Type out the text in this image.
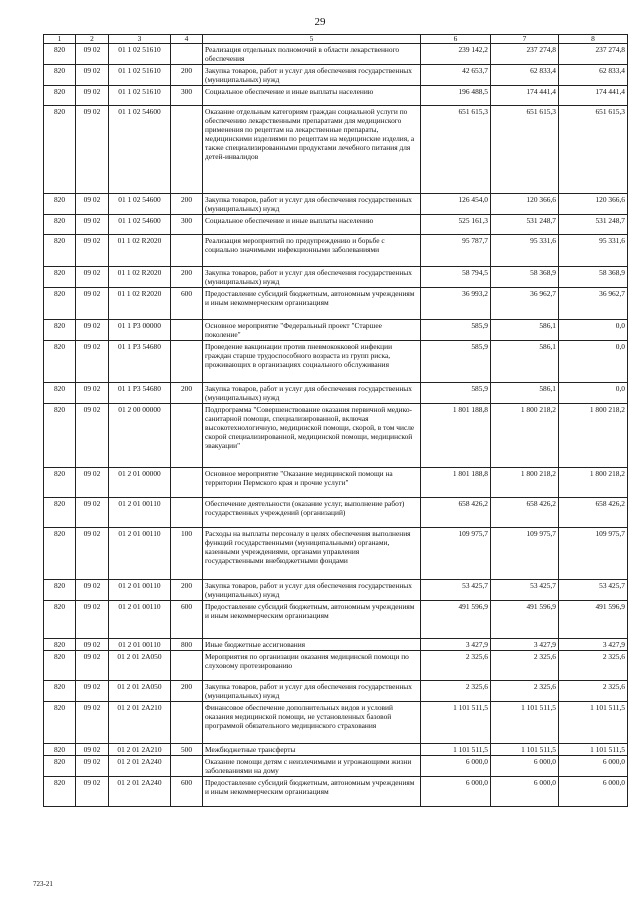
29
1	2	3	4	5	6	7	8
820	09 02	01 1 02 51610		Реализация отдельных полномочий в области лекарственного обеспечения	239 142,2	237 274,8	237 274,8
820	09 02	01 1 02 51610	200	Закупка товаров, работ и услуг для обеспечения государственных (муниципальных) нужд	42 653,7	62 833,4	62 833,4
820	09 02	01 1 02 51610	300	Социальное обеспечение и иные выплаты населению	196 488,5	174 441,4	174 441,4
820	09 02	01 1 02 54600		Оказание отдельным категориям граждан социальной услуги по обеспечению лекарственными препаратами для медицинского применения по рецептам на лекарственные препараты, медицинскими изделиями по рецептам на медицинские изделия, а также специализированными продуктами лечебного питания для детей-инвалидов	651 615,3	651 615,3	651 615,3
820	09 02	01 1 02 54600	200	Закупка товаров, работ и услуг для обеспечения государственных (муниципальных) нужд	126 454,0	120 366,6	120 366,6
820	09 02	01 1 02 54600	300	Социальное обеспечение и иные выплаты населению	525 161,3	531 248,7	531 248,7
820	09 02	01 1 02 R2020		Реализация мероприятий по предупреждению и борьбе с социально значимыми инфекционными заболеваниями	95 787,7	95 331,6	95 331,6
820	09 02	01 1 02 R2020	200	Закупка товаров, работ и услуг для обеспечения государственных (муниципальных) нужд	58 794,5	58 368,9	58 368,9
820	09 02	01 1 02 R2020	600	Предоставление субсидий бюджетным, автономным учреждениям и иным некоммерческим организациям	36 993,2	36 962,7	36 962,7
820	09 02	01 1 P3 00000		Основное мероприятие "Федеральный проект "Старшее поколение"	585,9	586,1	0,0
820	09 02	01 1 P3 54680		Проведение вакцинации против пневмококковой инфекции граждан старше трудоспособного возраста из групп риска, проживающих в организациях социального обслуживания	585,9	586,1	0,0
820	09 02	01 1 P3 54680	200	Закупка товаров, работ и услуг для обеспечения государственных (муниципальных) нужд	585,9	586,1	0,0
820	09 02	01 2 00 00000		Подпрограмма "Совершенствование оказания первичной медико-санитарной помощи, специализированной, включая высокотехнологичную, медицинской помощи, скорой, в том числе скорой специализированной, медицинской помощи, медицинской эвакуации"	1 801 188,8	1 800 218,2	1 800 218,2
820	09 02	01 2 01 00000		Основное мероприятие "Оказание медицинской помощи на территории Пермского края и прочие услуги"	1 801 188,8	1 800 218,2	1 800 218,2
820	09 02	01 2 01 00110		Обеспечение деятельности (оказание услуг, выполнение работ) государственных учреждений (организаций)	658 426,2	658 426,2	658 426,2
820	09 02	01 2 01 00110	100	Расходы на выплаты персоналу в целях обеспечения выполнения функций государственными (муниципальными) органами, казенными учреждениями, органами управления государственными внебюджетными фондами	109 975,7	109 975,7	109 975,7
820	09 02	01 2 01 00110	200	Закупка товаров, работ и услуг для обеспечения государственных (муниципальных) нужд	53 425,7	53 425,7	53 425,7
820	09 02	01 2 01 00110	600	Предоставление субсидий бюджетным, автономным учреждениям и иным некоммерческим организациям	491 596,9	491 596,9	491 596,9
820	09 02	01 2 01 00110	800	Иные бюджетные ассигнования	3 427,9	3 427,9	3 427,9
820	09 02	01 2 01 2А050		Мероприятия по организации оказания медицинской помощи по слуховому протезированию	2 325,6	2 325,6	2 325,6
820	09 02	01 2 01 2А050	200	Закупка товаров, работ и услуг для обеспечения государственных (муниципальных) нужд	2 325,6	2 325,6	2 325,6
820	09 02	01 2 01 2А210		Финансовое обеспечение дополнительных видов и условий оказания медицинской помощи, не установленных базовой программой обязательного медицинского страхования	1 101 511,5	1 101 511,5	1 101 511,5
820	09 02	01 2 01 2А210	500	Межбюджетные трансферты	1 101 511,5	1 101 511,5	1 101 511,5
820	09 02	01 2 01 2А240		Оказание помощи детям с неизлечимыми и угрожающими жизни заболеваниями на дому	6 000,0	6 000,0	6 000,0
820	09 02	01 2 01 2А240	600	Предоставление субсидий бюджетным, автономным учреждениям и иным некоммерческим организациям	6 000,0	6 000,0	6 000,0
723-21
